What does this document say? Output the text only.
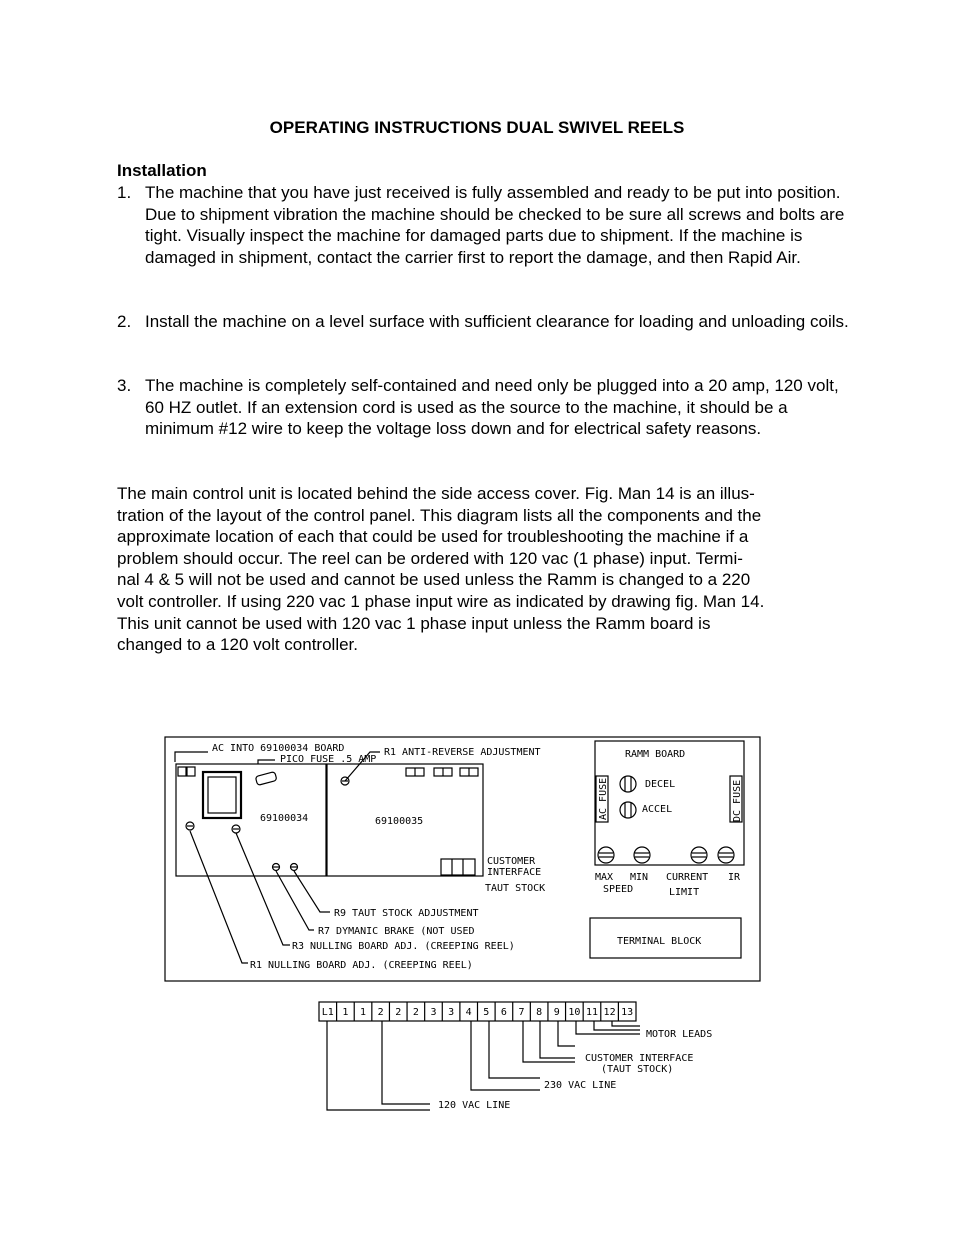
OPERATING INSTRUCTIONS DUAL SWIVEL REELS
Installation
1. The machine that you have just received is fully assembled and ready to be put into position. Due to shipment vibration the machine should be checked to be sure all screws and bolts are tight. Visually inspect the machine for damaged parts due to shipment. If the machine is damaged in shipment, contact the carrier first to report the damage, and then Rapid Air.
2. Install the machine on a level surface with sufficient clearance for loading and unloading coils.
3. The machine is completely self-contained and need only be plugged into a 20 amp, 120 volt, 60 HZ outlet. If an extension cord is used as the source to the machine, it should be a minimum #12 wire to keep the voltage loss down and for electrical safety reasons.
The main control unit is located behind the side access cover. Fig. Man 14 is an illus-
tration of the layout of the control panel. This diagram lists all the components and the
approximate location of each that could be used for troubleshooting the machine if a
problem should occur. The reel can be ordered with 120 vac (1 phase) input. Termi-
nal 4 & 5 will not be used and cannot be used unless the Ramm is changed to a 220
volt controller. If using 220 vac 1 phase input wire as indicated by drawing fig. Man 14.
This unit cannot be used with 120 vac 1 phase input unless the Ramm board is
changed to a 120 volt controller.
AC INTO 69100034 BOARD
PICO FUSE .5 AMP
R1 ANTI-REVERSE ADJUSTMENT
69100034	69100035
CUSTOMER
INTERFACE
TAUT STOCK
R9 TAUT STOCK ADJUSTMENT
R7 DYMANIC BRAKE (NOT USED
R3 NULLING BOARD ADJ. (CREEPING REEL)
R1 NULLING BOARD ADJ. (CREEPING REEL)
RAMM BOARD
DECEL
ACCEL
AC FUSE	DC FUSE
MAX
SPEED
MIN CURRENT
LIMIT
IR
TERMINAL BLOCK
MOTOR LEADS
CUSTOMER INTERFACE
(TAUT STOCK)
230 VAC LINE
120 VAC LINE
L1 1 1 2 2 2 3 3 4 5 6 7 8 9 10 11 12 13
